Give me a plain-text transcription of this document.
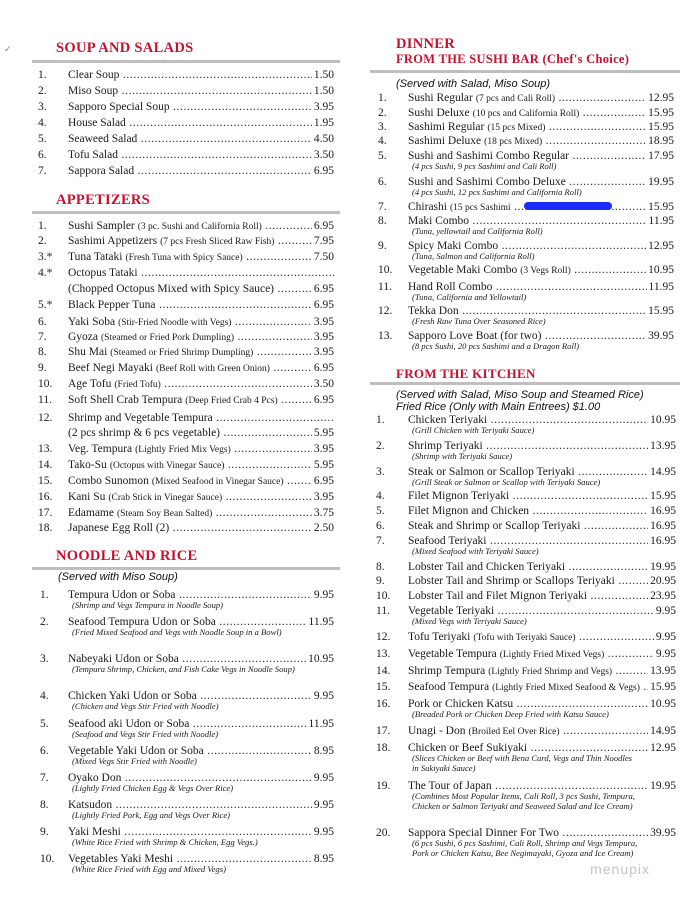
✓	SOUP AND SALADS
1. Clear Soup .....	1.50
2. Miso Soup .....	1.50
3. Sapporo Special Soup .....	3.95
4. House Salad .....	1.95
5. Seaweed Salad .....	4.50
6. Tofu Salad .....	3.50
7. Sappora Salad .....	6.95
APPETIZERS
1. Sushi Sampler (3 pc. Sushi and California Roll) .....	6.95
2. Sashimi Appetizers (7 pcs Fresh Sliced Raw Fish) .....	7.95
3.* Tuna Tataki (Fresh Tuna with Spicy Sauce) .....	7.50
4.* Octopus Tataki .....
(Chopped Octopus Mixed with Spicy Sauce) .....	6.95
5.* Black Pepper Tuna .....	6.95
6. Yaki Soba (Stir-Fried Noodle with Vegs) .....	3.95
7. Gyoza (Steamed or Fried Pork Dumpling) .....	3.95
8. Shu Mai (Steamed or Fried Shrimp Dumpling) .....	3.95
9. Beef Negi Mayaki (Beef Roll with Green Onion) .....	6.95
10. Age Tofu (Fried Tofu) .....	3.50
11. Soft Shell Crab Tempura (Deep Fried Crab 4 Pcs) .....	6.95
12. Shrimp and Vegetable Tempura .....
(2 pcs shrimp & 6 pcs vegetable) .....	5.95
13. Veg. Tempura (Lightly Fried Mix Vegs) .....	3.95
14. Tako-Su (Octopus with Vinegar Sauce) .....	5.95
15. Combo Sunomon (Mixed Seafood in Vinegar Sauce) .....	6.95
16. Kani Su (Crab Stick in Vinegar Sauce) .....	3.95
17. Edamame (Steam Soy Bean Salted) .....	3.75
18. Japanese Egg Roll (2) .....	2.50
NOODLE AND RICE
(Served with Miso Soup)
1. Tempura Udon or Soba .....	9.95
(Shrimp and Vegs Tempura in Noodle Soup)
2. Seafood Tempura Udon or Soba .....	11.95
(Fried Mixed Seafood and Vegs with Noodle Soup in a Bowl)
3. Nabeyaki Udon or Soba .....	10.95
(Tempura Shrimp, Chicken, and Fish Cake Vegs in Noodle Soup)
4. Chicken Yaki Udon or Soba .....	9.95
(Chicken and Vegs Stir Fried with Noodle)
5. Seafood aki Udon or Soba .....	11.95
(Seafood and Vegs Stir Fried with Noodle)
6. Vegetable Yaki Udon or Soba .....	8.95
(Mixed Vegs Stir Fried with Noodle)
7. Oyako Don .....	9.95
(Lightly Fried Chicken Egg & Vegs Over Rice)
8. Katsudon .....	9.95
(Lightly Fried Pork, Egg and Vegs Over Rice)
9. Yaki Meshi .....	9.95
(White Rice Fried with Shrimp & Chicken, Egg Vegs.)
10. Vegetables Yaki Meshi .....	8.95
(White Rice Fried with Egg and Mixed Vegs)
DINNER
FROM THE SUSHI BAR (Chef's Choice)
(Served with Salad, Miso Soup)
1. Sushi Regular (7 pcs and Cali Roll) .....	12.95
2. Sushi Deluxe (10 pcs and California Roll) .....	15.95
3. Sashimi Regular (15 pcs Mixed) .....	15.95
4. Sashimi Deluxe (18 pcs Mixed) .....	18.95
5. Sushi and Sashimi Combo Regular .....	17.95
(4 pcs Sushi, 9 pcs Sashimi and Cali Roll)
6. Sushi and Sashimi Combo Deluxe .....	19.95
(4 pcs Sushi, 12 pcs Sashimi and California Roll)
7. Chirashi (15 pcs Sashimi .....	15.95
8. Maki Combo .....	11.95
(Tuna, yellowtail and California Roll)
9. Spicy Maki Combo .....	12.95
(Tuna, Salmon and California Roll)
10. Vegetable Maki Combo (3 Vegs Roll) .....	10.95
11. Hand Roll Combo .....	11.95
(Tuna, California and Yellowtail)
12. Tekka Don .....	15.95
(Fresh Raw Tuna Over Seasoned Rice)
13. Sapporo Love Boat (for two) .....	39.95
(8 pcs Sushi, 20 pcs Sashimi and a Dragon Roll)
FROM THE KITCHEN
(Served with Salad, Miso Soup and Steamed Rice)
Fried Rice (Only with Main Entrees) $1.00
1. Chicken Teriyaki .....	10.95
(Grill Chicken with Teriyaki Sauce)
2. Shrimp Teriyaki .....	13.95
(Shrimp with Teriyaki Sauce)
3. Steak or Salmon or Scallop Teriyaki .....	14.95
(Grill Steak or Salmon or Scallop with Teriyaki Sauce)
4. Filet Mignon Teriyaki .....	15.95
5. Filet Mignon and Chicken .....	16.95
6. Steak and Shrimp or Scallop Teriyaki .....	16.95
7. Seafood Teriyaki .....	16.95
(Mixed Seafood with Teriyaki Sauce)
8. Lobster Tail and Chicken Teriyaki .....	19.95
9. Lobster Tail and Shrimp or Scallops Teriyaki .....	20.95
10. Lobster Tail and Filet Mignon Teriyaki .....	23.95
11. Vegetable Teriyaki .....	9.95
(Mixed Vegs with Teriyaki Sauce)
12. Tofu Teriyaki (Tofu with Teriyaki Sauce) .....	9.95
13. Vegetable Tempura (Lightly Fried Mixed Vegs) .....	9.95
14. Shrimp Tempura (Lightly Fried Shrimp and Vegs) .....	13.95
15. Seafood Tempura (Lightly Fried Mixed Seafood & Vegs) ..... 15.95
16. Pork or Chicken Katsu .....	10.95
(Breaded Pork or Chicken Deep Fried with Katsu Sauce)
17. Unagi - Don (Broiled Eel Over Rice) .....	14.95
18. Chicken or Beef Sukiyaki .....	12.95
(Slices Chicken or Beef with Bena Curd, Vegs and Thin Noodles in Sukiyaki Sauce)
19. The Tour of Japan .....	19.95
(Combines Most Popular Items, Cali Roll, 3 pcs Sushi, Tempura, Chicken or Salmon Teriyaki and Seaweed Salad and Ice Cream)
20. Sappora Special Dinner For Two .....	39.95
(6 pcs Sushi, 6 pcs Sashimi, Cali Roll, Shrimp and Vegs Tempura, Pork or Chicken Katsu, Bee Negimayaki, Gyoza and Ice Cream)
menupix
